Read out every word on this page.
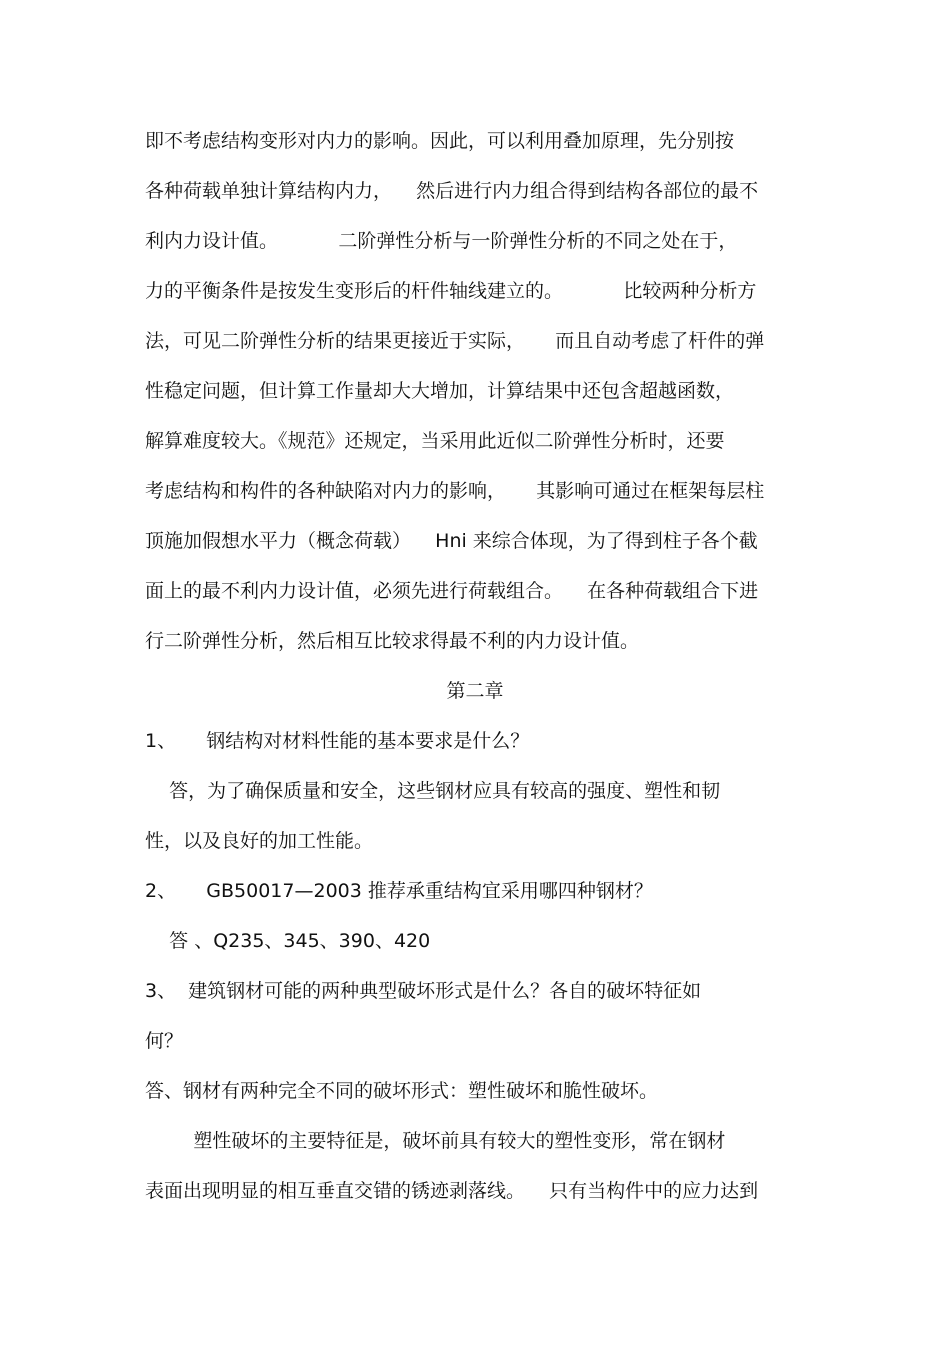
即不考虑结构变形对内力的影响。因此，可以利用叠加原理，先分别按

各种荷载单独计算结构内力，    然后进行内力组合得到结构各部位的最不

利内力设计值。          二阶弹性分析与一阶弹性分析的不同之处在于，

力的平衡条件是按发生变形后的杆件轴线建立的。          比较两种分析方

法，可见二阶弹性分析的结果更接近于实际，     而且自动考虑了杆件的弹

性稳定问题，但计算工作量却大大增加，计算结果中还包含超越函数，

解算难度较大。《规范》还规定，当采用此近似二阶弹性分析时，还要

考虑结构和构件的各种缺陷对内力的影响，     其影响可通过在框架每层柱

顶施加假想水平力（概念荷载）    Hni 来综合体现，为了得到柱子各个截

面上的最不利内力设计值，必须先进行荷载组合。    在各种荷载组合下进

行二阶弹性分析，然后相互比较求得最不利的内力设计值。

第二章

1、     钢结构对材料性能的基本要求是什么？

答，为了确保质量和安全，这些钢材应具有较高的强度、塑性和韧

性，以及良好的加工性能。

2、     GB50017—2003 推荐承重结构宜采用哪四种钢材？

答 、Q235、345、390、420

3、  建筑钢材可能的两种典型破坏形式是什么？各自的破坏特征如

何？

答、钢材有两种完全不同的破坏形式：塑性破坏和脆性破坏。

塑性破坏的主要特征是，破坏前具有较大的塑性变形，常在钢材

表面出现明显的相互垂直交错的锈迹剥落线。    只有当构件中的应力达到
